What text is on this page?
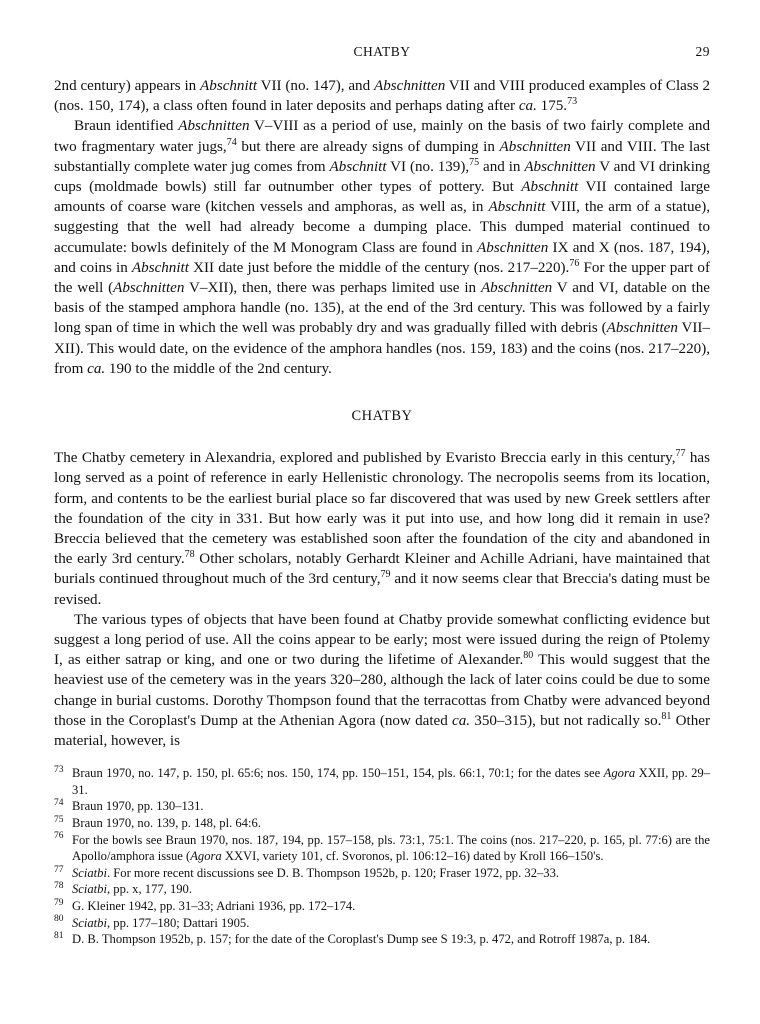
CHATBY	29

2nd century) appears in Abschnitt VII (no. 147), and Abschnitten VII and VIII produced examples of Class 2 (nos. 150, 174), a class often found in later deposits and perhaps dating after ca. 175.73

Braun identified Abschnitten V–VIII as a period of use, mainly on the basis of two fairly complete and two fragmentary water jugs,$^{74}$ but there are already signs of dumping in Abschnitten VII and VIII. The last substantially complete water jug comes from Abschnitt VI (no. 139),$^{75}$ and in Abschnitten V and VI drinking cups (moldmade bowls) still far outnumber other types of pottery. But Abschnitt VII contained large amounts of coarse ware (kitchen vessels and amphoras, as well as, in Abschnitt VIII, the arm of a statue), suggesting that the well had already become a dumping place. This dumped material continued to accumulate: bowls definitely of the M Monogram Class are found in Abschnitten IX and X (nos. 187, 194), and coins in Abschnitt XII date just before the middle of the century (nos. 217–220).$^{76}$ For the upper part of the well (Abschnitten V–XII), then, there was perhaps limited use in Abschnitten V and VI, datable on the basis of the stamped amphora handle (no. 135), at the end of the 3rd century. This was followed by a fairly long span of time in which the well was probably dry and was gradually filled with debris (Abschnitten VII–XII). This would date, on the evidence of the amphora handles (nos. 159, 183) and the coins (nos. 217–220), from ca. 190 to the middle of the 2nd century.

CHATBY

The Chatby cemetery in Alexandria, explored and published by Evaristo Breccia early in this century,$^{77}$ has long served as a point of reference in early Hellenistic chronology. The necropolis seems from its location, form, and contents to be the earliest burial place so far discovered that was used by new Greek settlers after the foundation of the city in 331. But how early was it put into use, and how long did it remain in use? Breccia believed that the cemetery was established soon after the foundation of the city and abandoned in the early 3rd century.$^{78}$ Other scholars, notably Gerhardt Kleiner and Achille Adriani, have maintained that burials continued throughout much of the 3rd century,$^{79}$ and it now seems clear that Breccia's dating must be revised.

The various types of objects that have been found at Chatby provide somewhat conflicting evidence but suggest a long period of use. All the coins appear to be early; most were issued during the reign of Ptolemy I, as either satrap or king, and one or two during the lifetime of Alexander.$^{80}$ This would suggest that the heaviest use of the cemetery was in the years 320–280, although the lack of later coins could be due to some change in burial customs. Dorothy Thompson found that the terracottas from Chatby were advanced beyond those in the Coroplast's Dump at the Athenian Agora (now dated ca. 350–315), but not radically so.$^{81}$ Other material, however, is

73 Braun 1970, no. 147, p. 150, pl. 65:6; nos. 150, 174, pp. 150–151, 154, pls. 66:1, 70:1; for the dates see Agora XXII, pp. 29–31.

74 Braun 1970, pp. 130–131.

75 Braun 1970, no. 139, p. 148, pl. 64:6.

76 For the bowls see Braun 1970, nos. 187, 194, pp. 157–158, pls. 73:1, 75:1. The coins (nos. 217–220, p. 165, pl. 77:6) are the Apollo/amphora issue (Agora XXVI, variety 101, cf. Svoronos, pl. 106:12–16) dated by Kroll 166–150's.

77 Sciatbi. For more recent discussions see D. B. Thompson 1952b, p. 120; Fraser 1972, pp. 32–33.

78 Sciatbi, pp. x, 177, 190.

79 G. Kleiner 1942, pp. 31–33; Adriani 1936, pp. 172–174.

80 Sciatbi, pp. 177–180; Dattari 1905.

81 D. B. Thompson 1952b, p. 157; for the date of the Coroplast's Dump see S 19:3, p. 472, and Rotroff 1987a, p. 184.
